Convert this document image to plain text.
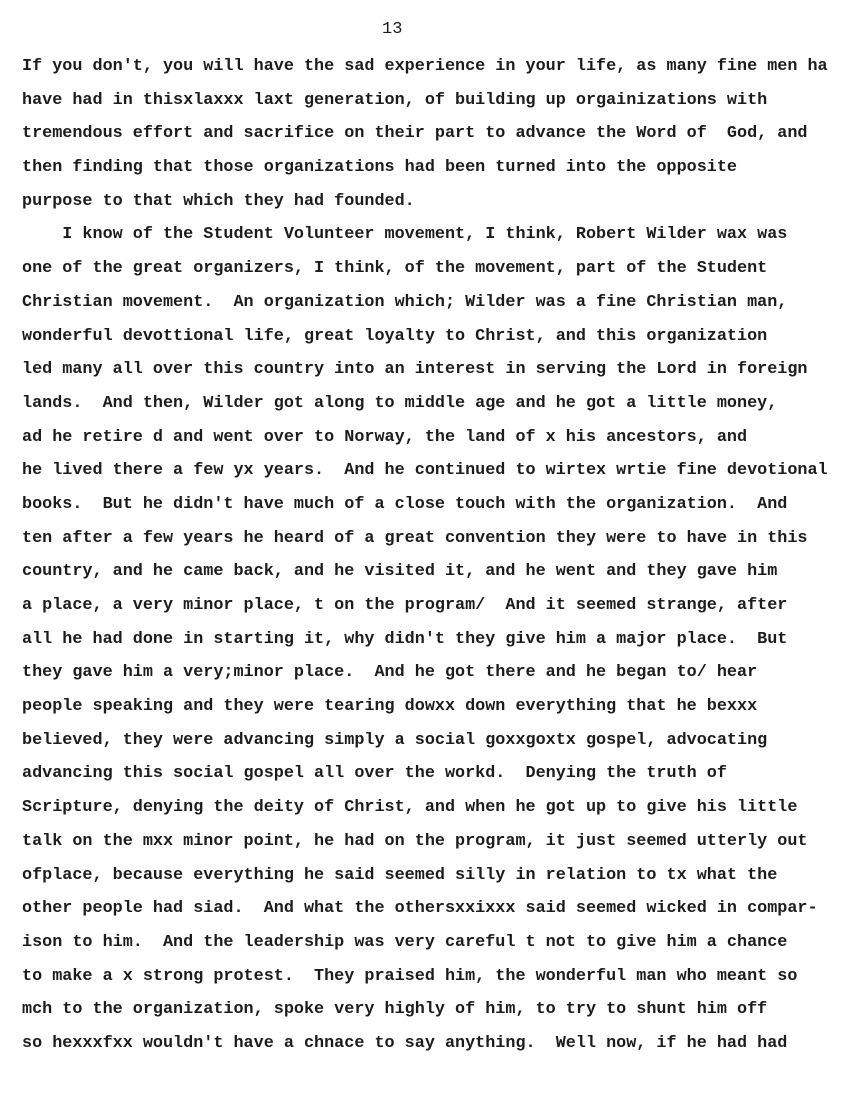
13
If you don't, you will have the sad experience in your life, as many fine men ha
have had in thisxlaxxx laxt generation, of building up orgainizations with
tremendous effort and sacrifice on their part to advance the Word of  God, and
then finding that those organizations had been turned into the opposite
purpose to that which they had founded.
I know of the Student Volunteer movement, I think, Robert Wilder wax was
one of the great organizers, I think, of the movement, part of the Student
Christian movement.  An organization which; Wilder was a fine Christian man,
wonderful devottional life, great loyalty to Christ, and this organization
led many all over this country into an interest in serving the Lord in foreign
lands.  And then, Wilder got along to middle age and he got a little money,
ad he retire d and went over to Norway, the land of x his ancestors, and
he lived there a few yx years.  And he continued to wirtex wrtie fine devotional
books.  But he didn't have much of a close touch with the organization.  And
ten after a few years he heard of a great convention they were to have in this
country, and he came back, and he visited it, and he went and they gave him
a place, a very minor place, t on the program/  And it seemed strange, after
all he had done in starting it, why didn't they give him a major place.  But
they gave him a very;minor place.  And he got there and he began to/ hear
people speaking and they were tearing dowxx down everything that he bexxx
believed, they were advancing simply a social goxxgoxtx gospel, advocating
advancing this social gospel all over the workd.  Denying the truth of
Scripture, denying the deity of Christ, and when he got up to give his little
talk on the mxx minor point, he had on the program, it just seemed utterly out
ofplace, because everything he said seemed silly in relation to tx what the
other people had siad.  And what the othersxxixxx said seemed wicked in compar-
ison to him.  And the leadership was very careful t not to give him a chance
to make a x strong protest.  They praised him, the wonderful man who meant so
mch to the organization, spoke very highly of him, to try to shunt him off
so hexxxfxx wouldn't have a chnace to say anything.  Well now, if he had had
